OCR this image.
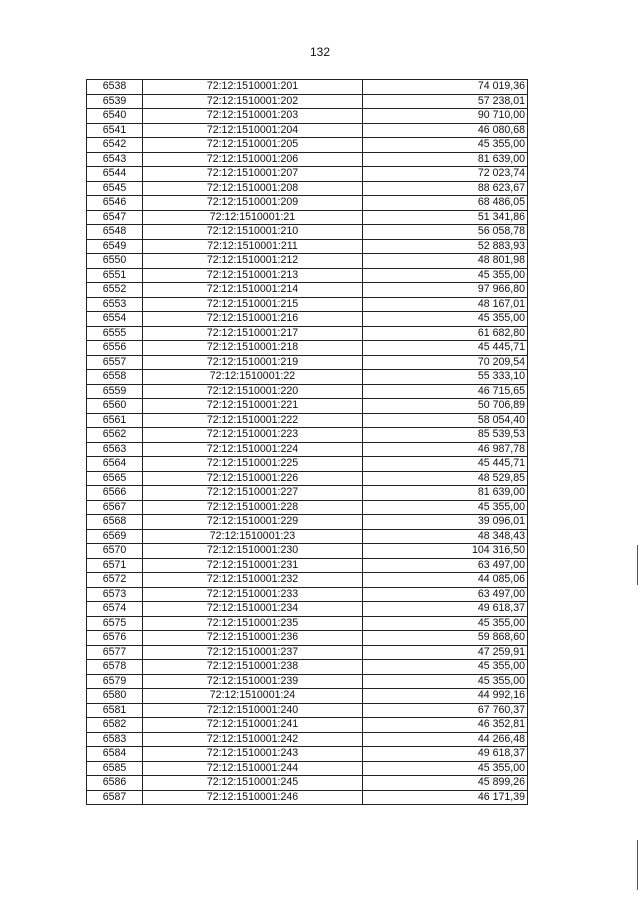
132
6538	72:12:1510001:201	74 019,36
6539	72:12:1510001:202	57 238,01
6540	72:12:1510001:203	90 710,00
6541	72:12:1510001:204	46 080,68
6542	72:12:1510001:205	45 355,00
6543	72:12:1510001:206	81 639,00
6544	72:12:1510001:207	72 023,74
6545	72:12:1510001:208	88 623,67
6546	72:12:1510001:209	68 486,05
6547	72:12:1510001:21	51 341,86
6548	72:12:1510001:210	56 058,78
6549	72:12:1510001:211	52 883,93
6550	72:12:1510001:212	48 801,98
6551	72:12:1510001:213	45 355,00
6552	72:12:1510001:214	97 966,80
6553	72:12:1510001:215	48 167,01
6554	72:12:1510001:216	45 355,00
6555	72:12:1510001:217	61 682,80
6556	72:12:1510001:218	45 445,71
6557	72:12:1510001:219	70 209,54
6558	72:12:1510001:22	55 333,10
6559	72:12:1510001:220	46 715,65
6560	72:12:1510001:221	50 706,89
6561	72:12:1510001:222	58 054,40
6562	72:12:1510001:223	85 539,53
6563	72:12:1510001:224	46 987,78
6564	72:12:1510001:225	45 445,71
6565	72:12:1510001:226	48 529,85
6566	72:12:1510001:227	81 639,00
6567	72:12:1510001:228	45 355,00
6568	72:12:1510001:229	39 096,01
6569	72:12:1510001:23	48 348,43
6570	72:12:1510001:230	104 316,50
6571	72:12:1510001:231	63 497,00
6572	72:12:1510001:232	44 085,06
6573	72:12:1510001:233	63 497,00
6574	72:12:1510001:234	49 618,37
6575	72:12:1510001:235	45 355,00
6576	72:12:1510001:236	59 868,60
6577	72:12:1510001:237	47 259,91
6578	72:12:1510001:238	45 355,00
6579	72:12:1510001:239	45 355,00
6580	72:12:1510001:24	44 992,16
6581	72:12:1510001:240	67 760,37
6582	72:12:1510001:241	46 352,81
6583	72:12:1510001:242	44 266,48
6584	72:12:1510001:243	49 618,37
6585	72:12:1510001:244	45 355,00
6586	72:12:1510001:245	45 899,26
6587	72:12:1510001:246	46 171,39
